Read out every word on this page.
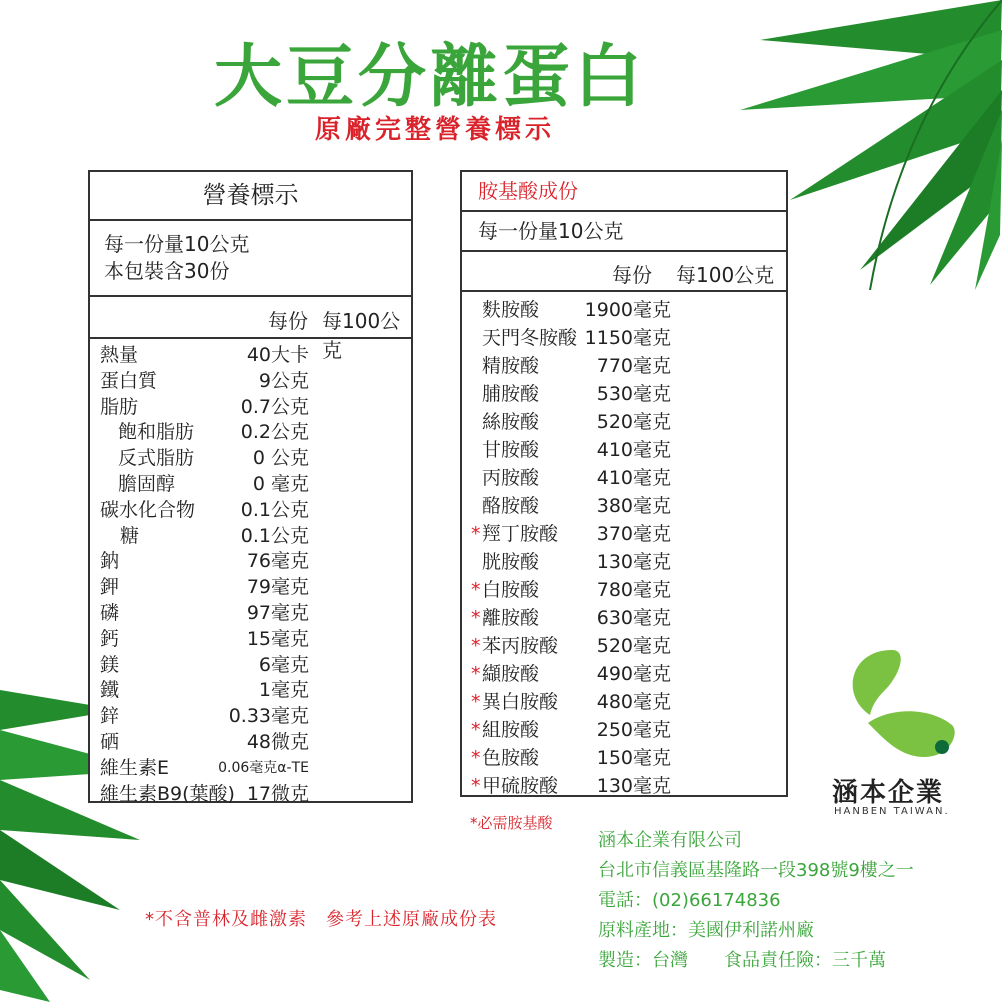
大豆分離蛋白
原廠完整營養標示
營養標示
每一份量10公克
本包裝含30份
每份 每100公克
熱量	40大卡
蛋白質	9公克
脂肪	0.7公克
飽和脂肪 0.2公克
反式脂肪	0 公克
膽固醇	0 毫克
碳水化合物 0.1公克
糖	0.1公克
鈉	76毫克
鉀	79毫克
磷	97毫克
鈣	15毫克
鎂	6毫克
鐵	1毫克
鋅	0.33毫克
硒	48微克
維生素E	0.06毫克α-TE
維生素B9(葉酸) 17微克
胺基酸成份
每一份量10公克
每份 每100公克
麩胺酸 1900毫克
天門冬胺酸 1150毫克
精胺酸	770毫克
脯胺酸	530毫克
絲胺酸	520毫克
甘胺酸	410毫克
丙胺酸	410毫克
酪胺酸	380毫克
* 羥丁胺酸 370毫克
胱胺酸	130毫克
* 白胺酸	780毫克
* 離胺酸	630毫克
* 苯丙胺酸 520毫克
* 纈胺酸	490毫克
* 異白胺酸 480毫克
* 組胺酸	250毫克
* 色胺酸	150毫克
* 甲硫胺酸 130毫克
*必需胺基酸
*不含普林及雌激素　參考上述原廠成份表
涵本企業有限公司
台北市信義區基隆路一段398號9樓之一
電話：(02)66174836
原料產地：美國伊利諾州廠
製造：台灣　　食品責任險：三千萬
涵本企業
HANBEN TAIWAN.
